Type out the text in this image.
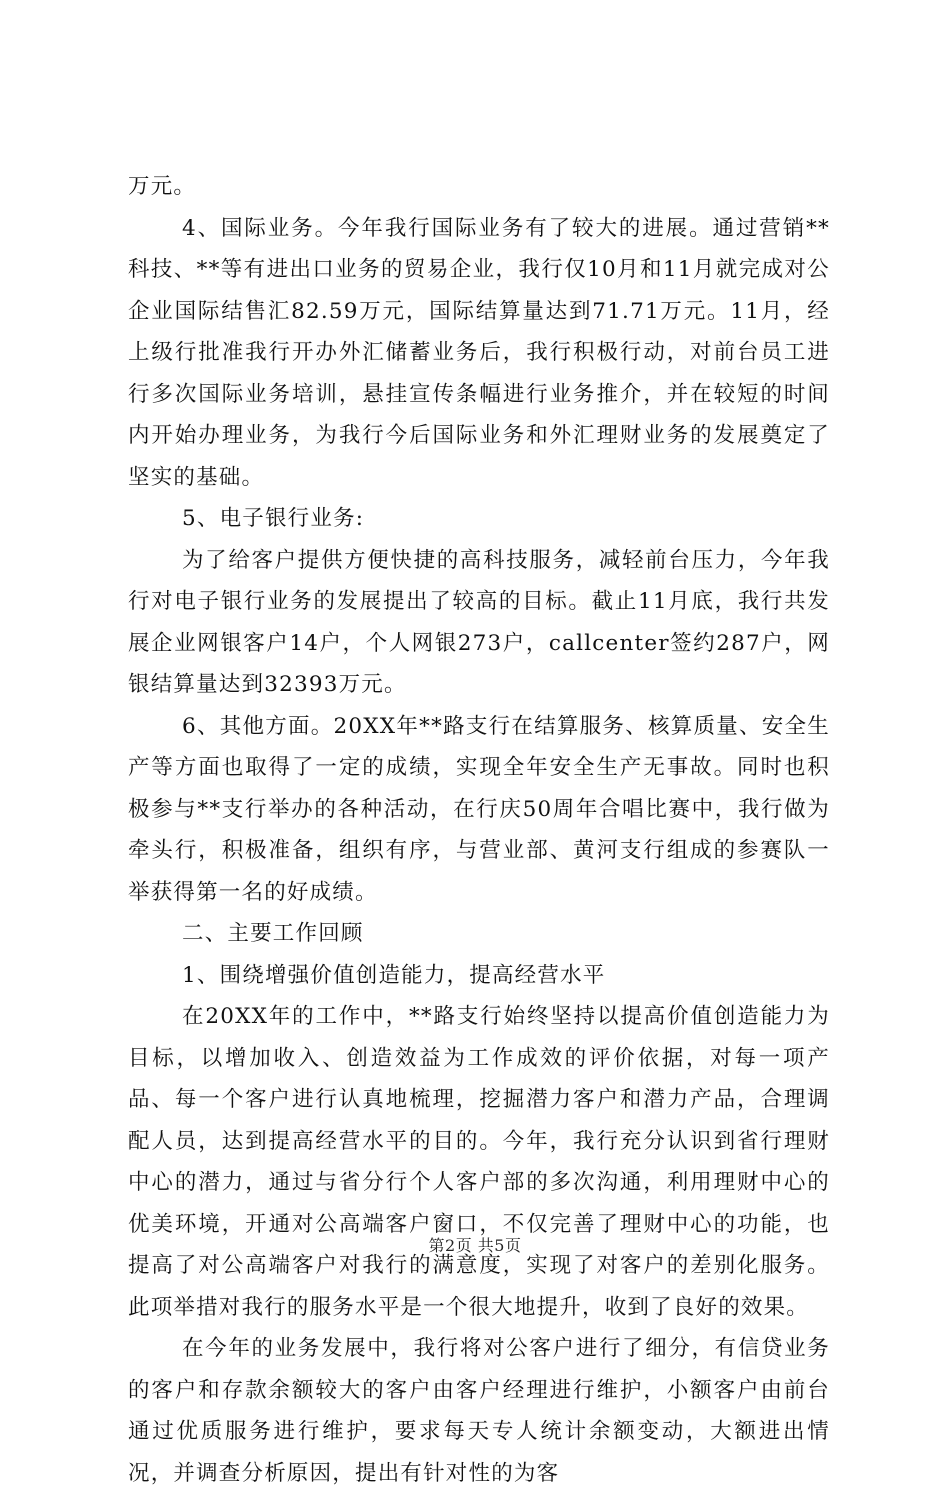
万元。

4、国际业务。今年我行国际业务有了较大的进展。通过营销**科技、**等有进出口业务的贸易企业，我行仅10月和11月就完成对公企业国际结售汇82.59万元，国际结算量达到71.71万元。11月，经上级行批准我行开办外汇储蓄业务后，我行积极行动，对前台员工进行多次国际业务培训，悬挂宣传条幅进行业务推介，并在较短的时间内开始办理业务，为我行今后国际业务和外汇理财业务的发展奠定了坚实的基础。

5、电子银行业务:

为了给客户提供方便快捷的高科技服务，减轻前台压力，今年我行对电子银行业务的发展提出了较高的目标。截止11月底，我行共发展企业网银客户14户，个人网银273户，callcenter签约287户，网银结算量达到32393万元。

6、其他方面。20XX年**路支行在结算服务、核算质量、安全生产等方面也取得了一定的成绩，实现全年安全生产无事故。同时也积极参与**支行举办的各种活动，在行庆50周年合唱比赛中，我行做为牵头行，积极准备，组织有序，与营业部、黄河支行组成的参赛队一举获得第一名的好成绩。

二、主要工作回顾

1、围绕增强价值创造能力，提高经营水平

在20XX年的工作中，**路支行始终坚持以提高价值创造能力为目标，以增加收入、创造效益为工作成效的评价依据，对每一项产品、每一个客户进行认真地梳理，挖掘潜力客户和潜力产品，合理调配人员，达到提高经营水平的目的。今年，我行充分认识到省行理财中心的潜力，通过与省分行个人客户部的多次沟通，利用理财中心的优美环境，开通对公高端客户窗口，不仅完善了理财中心的功能，也提高了对公高端客户对我行的满意度，实现了对客户的差别化服务。此项举措对我行的服务水平是一个很大地提升，收到了良好的效果。

在今年的业务发展中，我行将对公客户进行了细分，有信贷业务的客户和存款余额较大的客户由客户经理进行维护，小额客户由前台通过优质服务进行维护，要求每天专人统计余额变动，大额进出情况，并调查分析原因，提出有针对性的为客

第2页 共5页
